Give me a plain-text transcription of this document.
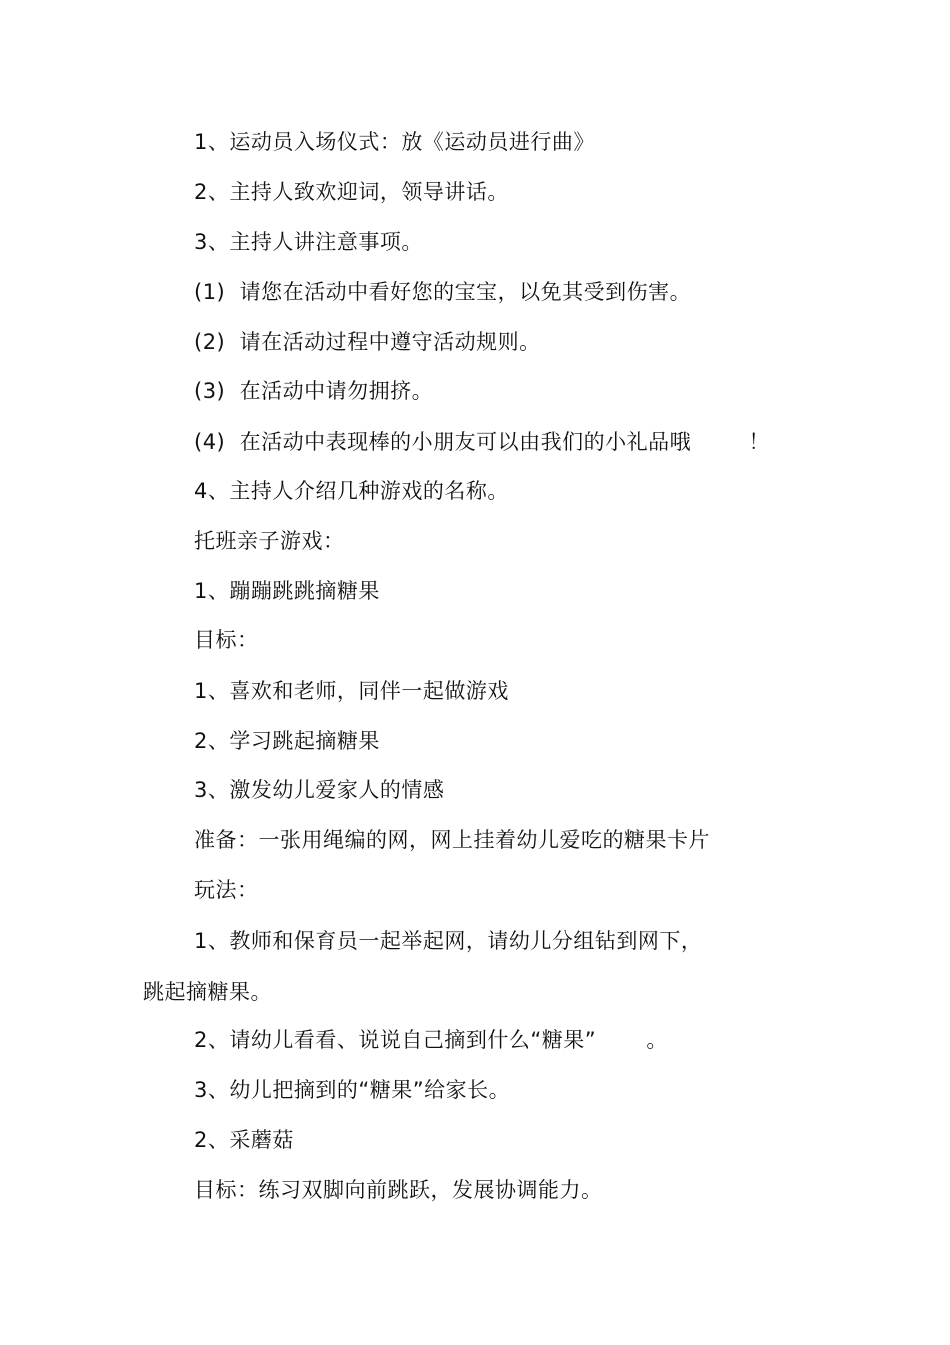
1、运动员入场仪式：放《运动员进行曲》
2、主持人致欢迎词，领导讲话。
3、主持人讲注意事项。
(1)  请您在活动中看好您的宝宝，以免其受到伤害。
(2)  请在活动过程中遵守活动规则。
(3)  在活动中请勿拥挤。
(4)  在活动中表现棒的小朋友可以由我们的小礼品哦        ！
4、主持人介绍几种游戏的名称。
托班亲子游戏：
1、蹦蹦跳跳摘糖果
目标：
1、喜欢和老师，同伴一起做游戏
2、学习跳起摘糖果
3、激发幼儿爱家人的情感
准备：一张用绳编的网，网上挂着幼儿爱吃的糖果卡片
玩法：
1、教师和保育员一起举起网，请幼儿分组钻到网下，
跳起摘糖果。
2、请幼儿看看、说说自己摘到什么“糖果”       。
3、幼儿把摘到的“糖果”给家长。
2、采蘑菇
目标：练习双脚向前跳跃，发展协调能力。
